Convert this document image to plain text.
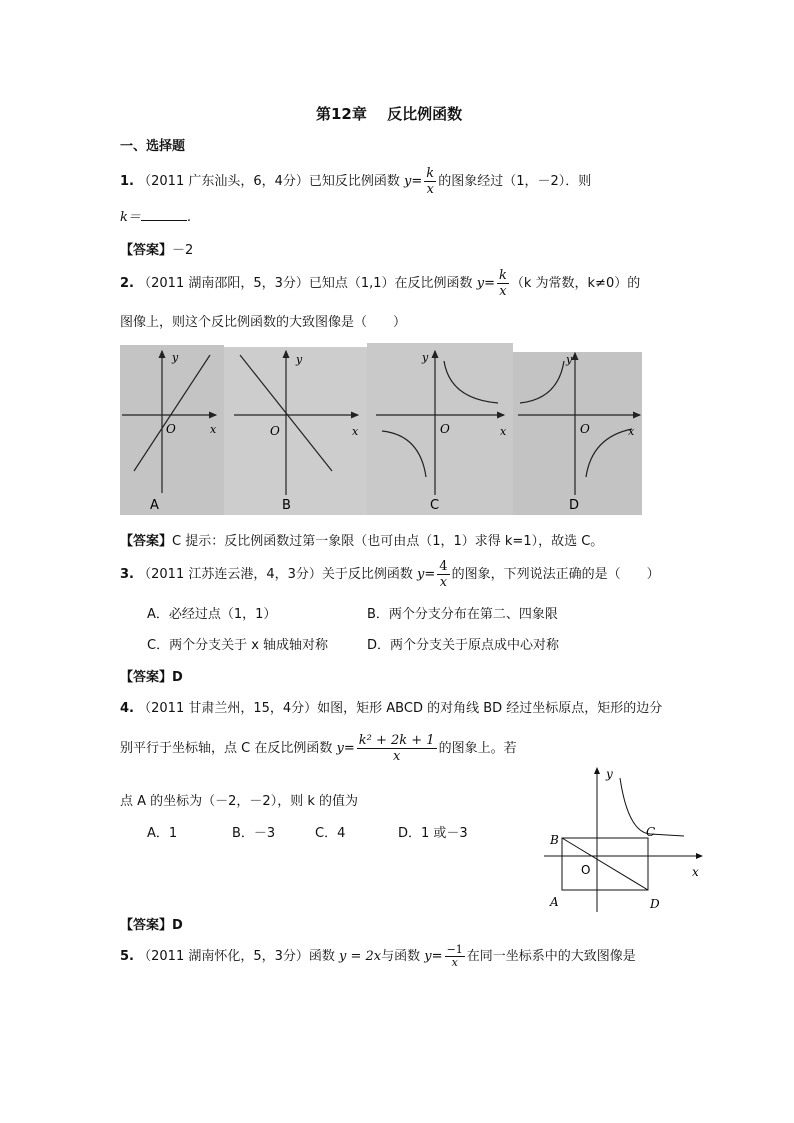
第12章　 反比例函数
一、选择题
1. （2011 广东汕头，6，4分）已知反比例函数 $y= \frac{k}{x}$ 的图象经过（1，－2）．则
k＝	.
【答案】－2
2. （2011 湖南邵阳，5，3分）已知点（1,1）在反比例函数 $y= \frac{k}{x} (k$ 为常数，k≠0）的
图像上，则这个反比例函数的大致图像是（　　）
y
x
O
A
y
x
O
B
y
x
O
C
y
x
O
D
【答案】C 提示：反比例函数过第一象限（也可由点（1，1）求得 k=1），故选 C。
3. （2011 江苏连云港，4，3分）关于反比例函数 $y= \frac{4}{x}$ 的图象，下列说法正确的是（　　）
A．必经过点（1，1）	B．两个分支分布在第二、四象限
C．两个分支关于 x 轴成轴对称	D．两个分支关于原点成中心对称
【答案】D
4. （2011 甘肃兰州，15，4分）如图，矩形 ABCD 的对角线 BD 经过坐标原点，矩形的边分
别平行于坐标轴，点 C 在反比例函数 $y= \frac{\text{k² + 2k + 1}}{x}$ 的图象上。若
点 A 的坐标为（－2，－2），则 k 的值为
A．1	B．－3	C．4	D．1 或－3
y
x
O
A
B
C
D
【答案】D
5. （2011 湖南怀化，5，3分）函数 y = 2x与函数 $y= \frac{-1}{x}$ 在同一坐标系中的大致图像是
